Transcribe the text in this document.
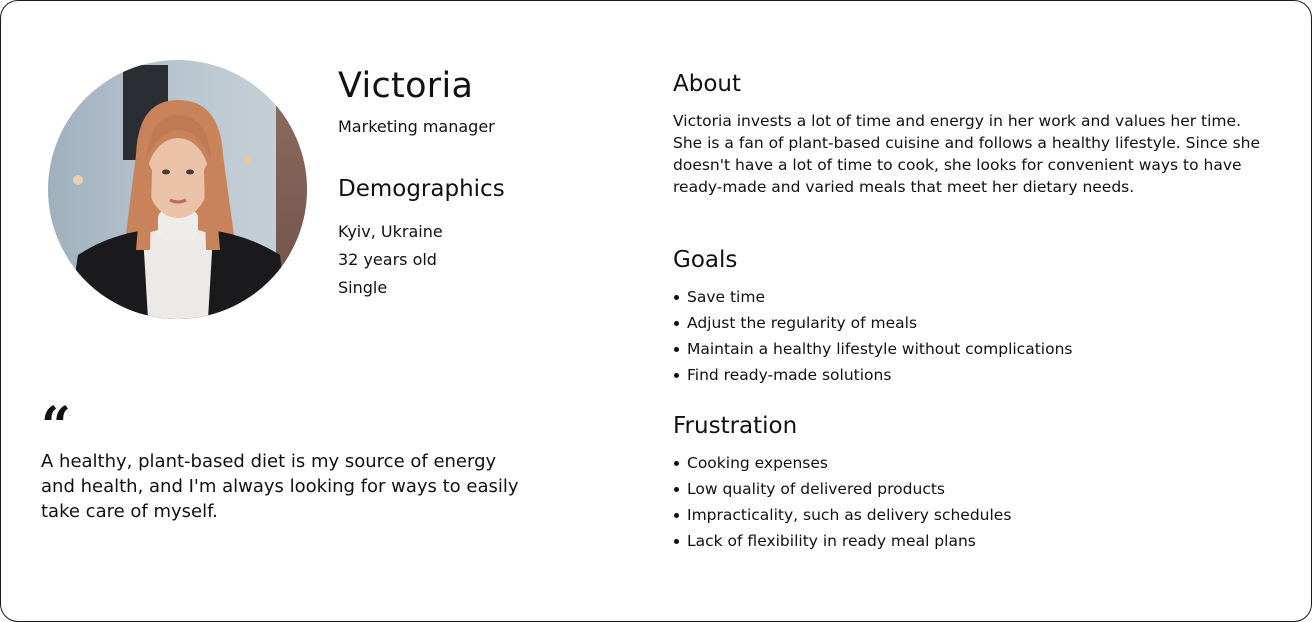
Victoria
Marketing manager
Demographics
Kyiv, Ukraine
32 years old
Single
“
A healthy, plant-based diet is my source of energy and health, and I'm always looking for ways to easily take care of myself.
About
Victoria invests a lot of time and energy in her work and values her time. She is a fan of plant-based cuisine and follows a healthy lifestyle. Since she doesn't have a lot of time to cook, she looks for convenient ways to have ready-made and varied meals that meet her dietary needs.
Goals
Save time
Adjust the regularity of meals
Maintain a healthy lifestyle without complications
Find ready-made solutions
Frustration
Cooking expenses
Low quality of delivered products
Impracticality, such as delivery schedules
Lack of flexibility in ready meal plans
